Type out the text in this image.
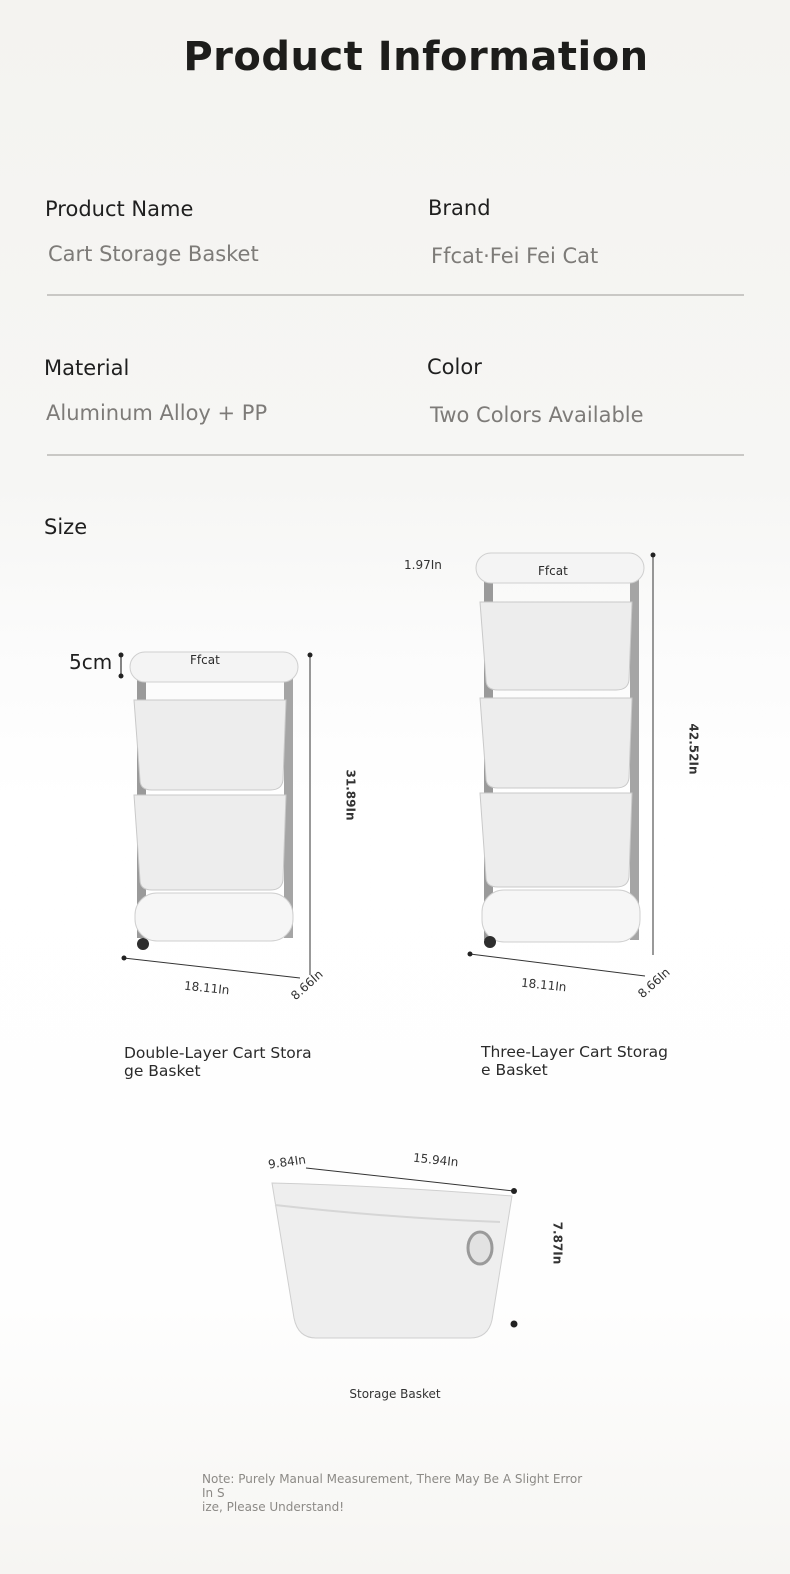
Product Information
Product Name
Cart Storage Basket
Brand
Ffcat·Fei Fei Cat
Material
Aluminum Alloy + PP
Color
Two Colors Available
Size
Ffcat
5cm
31.89In
18.11In	8.66In
Ffcat
1.97In
42.52In
18.11In	8.66In
Double-Layer Cart Stora
ge Basket
Three-Layer Cart Storag
e Basket
9.84In	15.94In
7.87In
Storage Basket
Note: Purely Manual Measurement, There May Be A Slight Error In S
ize, Please Understand!
